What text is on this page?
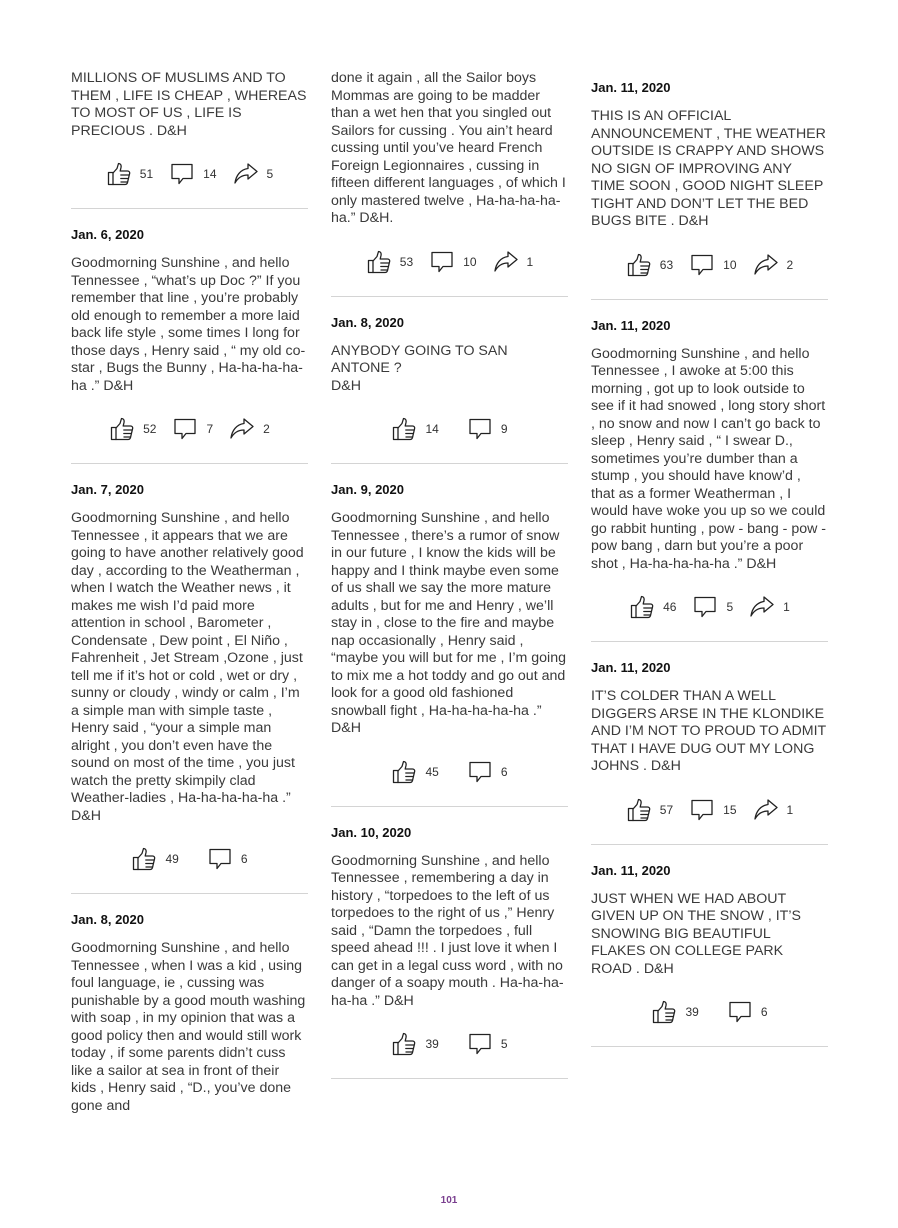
MILLIONS OF MUSLIMS AND TO THEM , LIFE IS CHEAP , WHEREAS TO MOST OF US , LIFE IS PRECIOUS . D&H
51	14	5
Jan. 6, 2020
Goodmorning Sunshine , and hello Tennessee , “what’s up Doc ?” If you remember that line , you’re probably old enough to remember a more laid back life style , some times I long for those days , Henry said , “ my old co-star , Bugs the Bunny , Ha-ha-ha-ha-ha .” D&H
52	7	2
Jan. 7, 2020
Goodmorning Sunshine , and hello Tennessee , it appears that we are going to have another relatively good day , according to the Weatherman , when I watch the Weather news , it makes me wish I’d paid more attention in school , Barometer , Condensate , Dew point , El Niño , Fahrenheit , Jet Stream ,Ozone , just tell me if it’s hot or cold , wet or dry , sunny or cloudy , windy or calm , I’m a simple man with simple taste , Henry said , “your a simple man alright , you don’t even have the sound on most of the time , you just watch the pretty skimpily clad Weather-ladies , Ha-ha-ha-ha-ha .” D&H
49	6
Jan. 8, 2020
Goodmorning Sunshine , and hello Tennessee , when I was a kid , using foul language, ie , cussing was punishable by a good mouth washing with soap , in my opinion that was a good policy then and would still work today , if some parents didn’t cuss like a sailor at sea in front of their kids , Henry said , “D., you’ve done gone and
done it again , all the Sailor boys Mommas are going to be madder than a wet hen that you singled out Sailors for cussing . You ain’t heard cussing until you’ve heard French Foreign Legionnaires , cussing in fifteen different languages , of which I only mastered twelve , Ha-ha-ha-ha-ha.” D&H.
53	10	1
Jan. 8, 2020
ANYBODY GOING TO SAN ANTONE ?
D&H
14	9
Jan. 9, 2020
Goodmorning Sunshine , and hello Tennessee , there’s a rumor of snow in our future , I know the kids will be happy and I think maybe even some of us shall we say the more mature adults , but for me and Henry , we’ll stay in , close to the fire and maybe nap occasionally , Henry said , “maybe you will but for me , I’m going to mix me a hot toddy and go out and look for a good old fashioned snowball fight , Ha-ha-ha-ha-ha .” D&H
45	6
Jan. 10, 2020
Goodmorning Sunshine , and hello Tennessee , remembering a day in history , “torpedoes to the left of us torpedoes to the right of us ,” Henry said , “Damn the torpedoes , full speed ahead !!! . I just love it when I can get in a legal cuss word , with no danger of a soapy mouth . Ha-ha-ha-ha-ha .” D&H
39	5
Jan. 11, 2020
THIS IS AN OFFICIAL ANNOUNCEMENT , THE WEATHER OUTSIDE IS CRAPPY AND SHOWS NO SIGN OF IMPROVING ANY TIME SOON , GOOD NIGHT SLEEP TIGHT AND DON’T LET THE BED BUGS BITE . D&H
63	10	2
Jan. 11, 2020
Goodmorning Sunshine , and hello Tennessee , I awoke at 5:00 this morning , got up to look outside to see if it had snowed , long story short , no snow and now I can’t go back to sleep , Henry said , “ I swear D., sometimes you’re dumber than a stump , you should have know’d , that as a former Weatherman , I would have woke you up so we could go rabbit hunting , pow - bang - pow - pow bang , darn but you’re a poor shot , Ha-ha-ha-ha-ha .” D&H
46	5	1
Jan. 11, 2020
IT’S COLDER THAN A WELL DIGGERS ARSE IN THE KLONDIKE AND I’M NOT TO PROUD TO ADMIT THAT I HAVE DUG OUT MY LONG JOHNS . D&H
57	15	1
Jan. 11, 2020
JUST WHEN WE HAD ABOUT GIVEN UP ON THE SNOW , IT’S SNOWING BIG BEAUTIFUL FLAKES ON COLLEGE PARK ROAD . D&H
39	6
101
